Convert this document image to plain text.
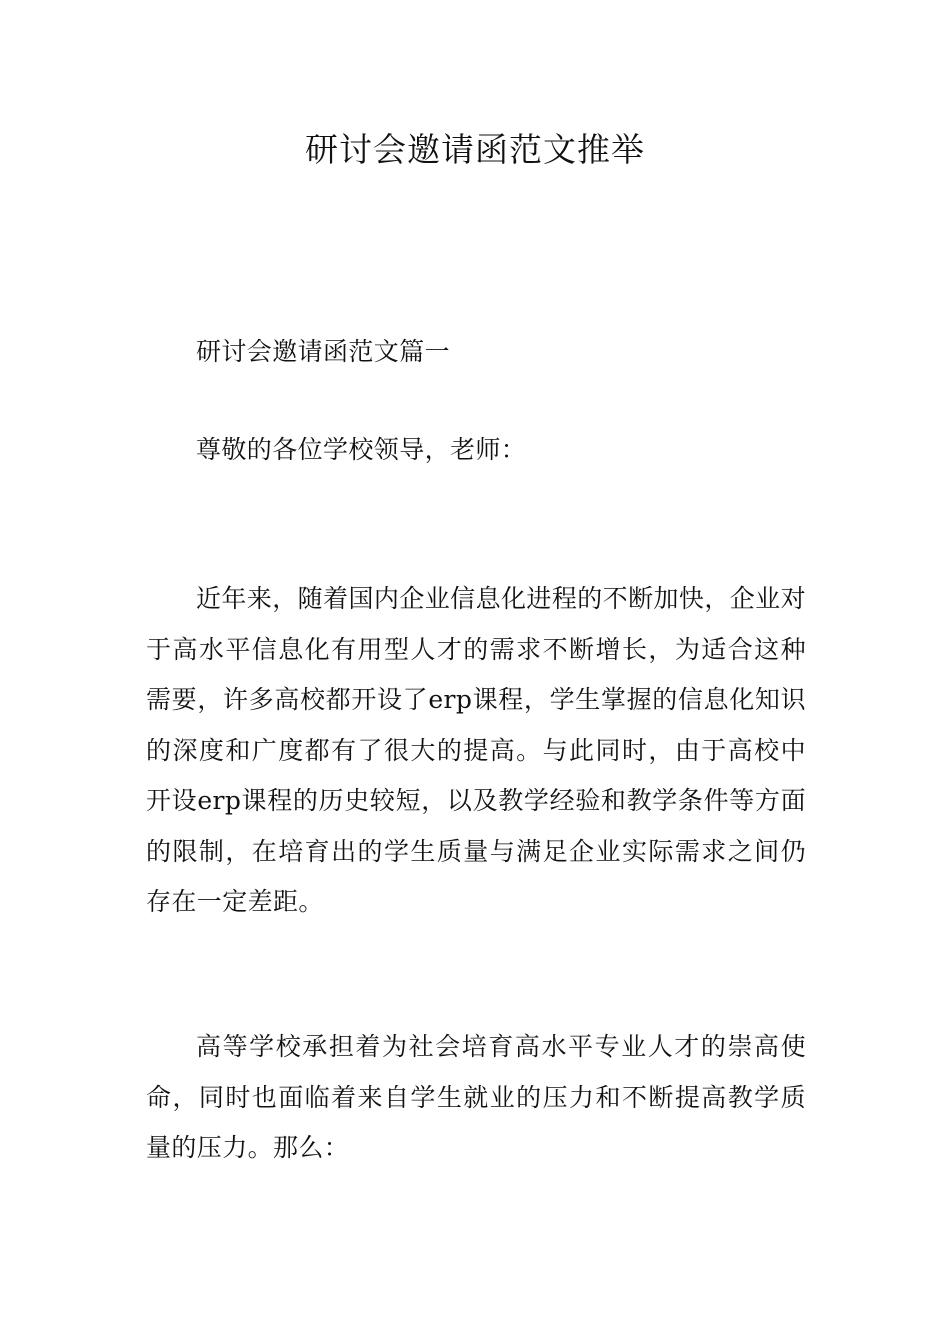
研讨会邀请函范文推举
研讨会邀请函范文篇一
尊敬的各位学校领导，老师：
近年来，随着国内企业信息化进程的不断加快，企业对于高水平信息化有用型人才的需求不断增长，为适合这种需要，许多高校都开设了erp课程，学生掌握的信息化知识的深度和广度都有了很大的提高。与此同时，由于高校中开设erp课程的历史较短，以及教学经验和教学条件等方面的限制，在培育出的学生质量与满足企业实际需求之间仍存在一定差距。
高等学校承担着为社会培育高水平专业人才的崇高使命，同时也面临着来自学生就业的压力和不断提高教学质量的压力。那么：
